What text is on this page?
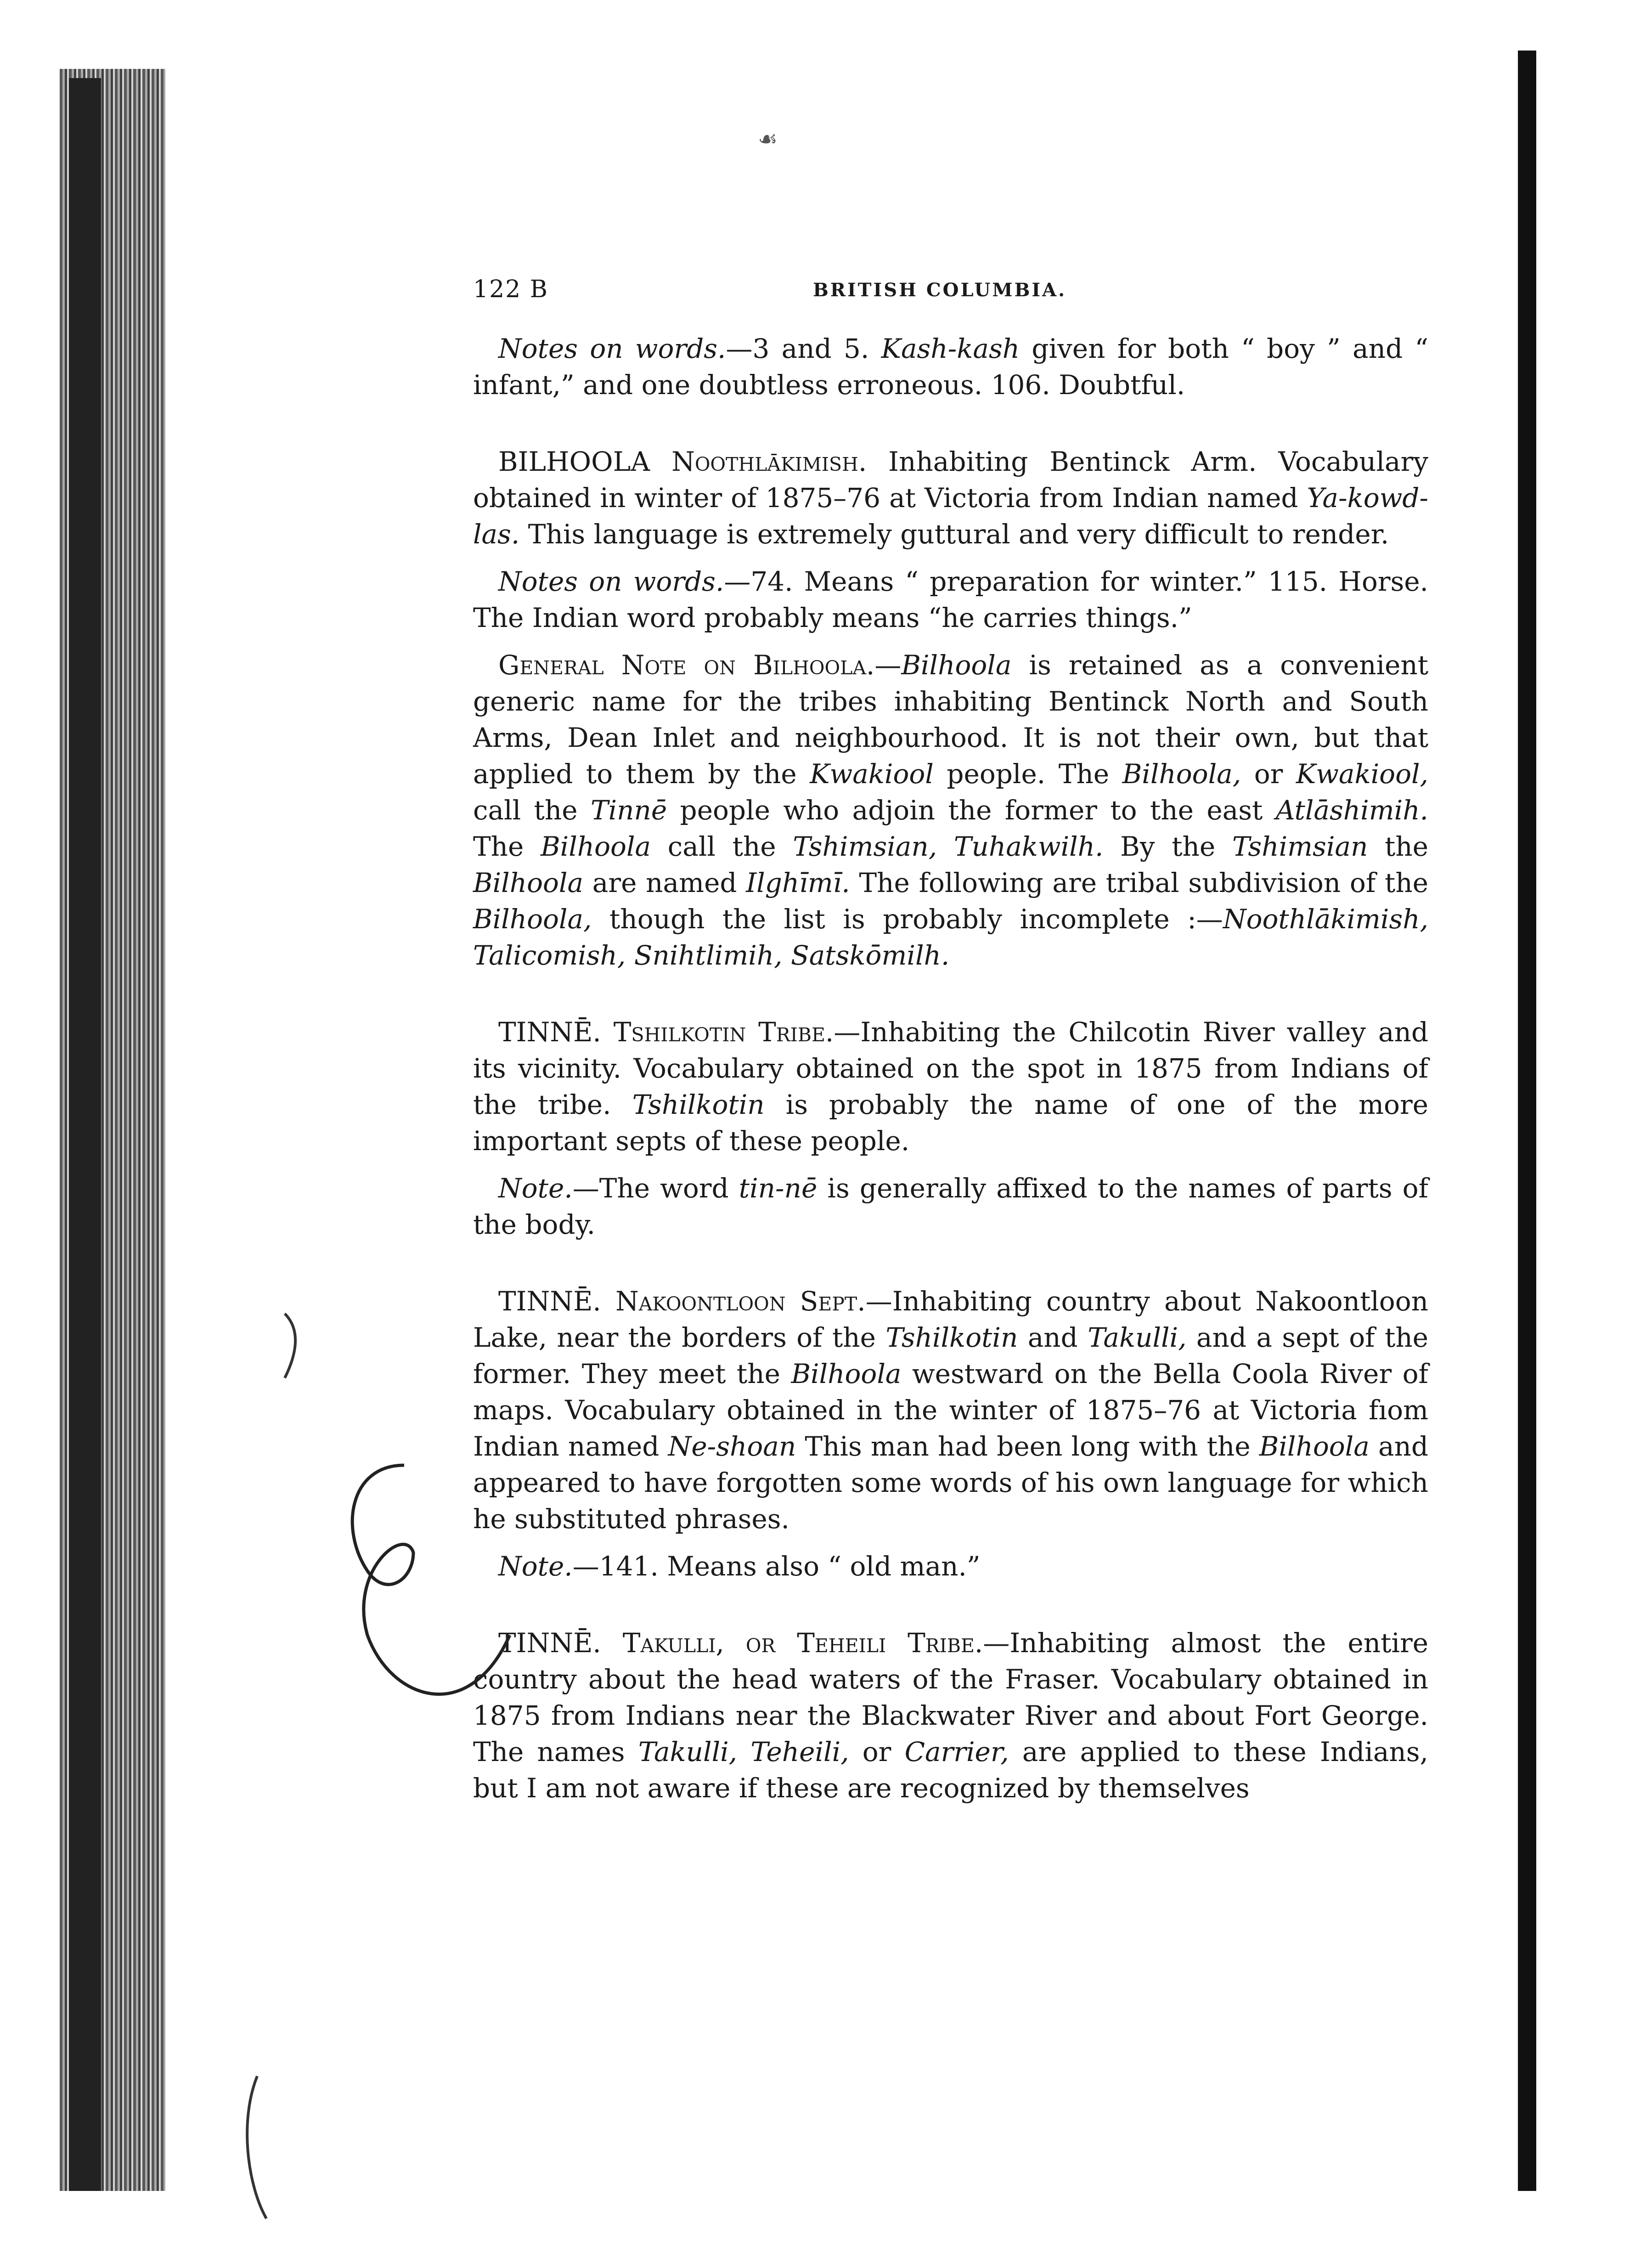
☙
122 B	BRITISH COLUMBIA.

Notes on words.—3 and 5. Kash-kash given for both “ boy ” and “ infant,” and one doubtless erroneous. 106. Doubtful.

BILHOOLA Noothlākimish. Inhabiting Bentinck Arm. Vocabulary obtained in winter of 1875–76 at Victoria from Indian named Ya-kowd-las. This language is extremely guttural and very difficult to render.

Notes on words.—74. Means “ preparation for winter.” 115. Horse. The Indian word probably means “he carries things.”

General Note on Bilhoola.—Bilhoola is retained as a convenient generic name for the tribes inhabiting Bentinck North and South Arms, Dean Inlet and neighbourhood. It is not their own, but that applied to them by the Kwakiool people. The Bilhoola, or Kwakiool, call the Tinnē people who adjoin the former to the east Atlāshimih. The Bilhoola call the Tshimsian, Tuhakwilh. By the Tshimsian the Bilhoola are named Ilghīmī. The following are tribal subdivision of the Bilhoola, though the list is probably incomplete :—Noothlākimish, Talicomish, Snihtlimih, Satskōmilh.

TINNĒ. Tshilkotin Tribe.—Inhabiting the Chilcotin River valley and its vicinity. Vocabulary obtained on the spot in 1875 from Indians of the tribe. Tshilkotin is probably the name of one of the more important septs of these people.

Note.—The word tin-nē is generally affixed to the names of parts of the body.

TINNĒ. Nakoontloon Sept.—Inhabiting country about Nakoontloon Lake, near the borders of the Tshilkotin and Takulli, and a sept of the former. They meet the Bilhoola westward on the Bella Coola River of maps. Vocabulary obtained in the winter of 1875–76 at Victoria fıom Indian named Ne-shoan This man had been long with the Bilhoola and appeared to have forgotten some words of his own language for which he substituted phrases.

Note.—141. Means also “ old man.”

TINNĒ. Takulli, or Teheili Tribe.—Inhabiting almost the entire country about the head waters of the Fraser. Vocabulary obtained in 1875 from Indians near the Blackwater River and about Fort George. The names Takulli, Teheili, or Carrier, are applied to these Indians, but I am not aware if these are recognized by themselves
